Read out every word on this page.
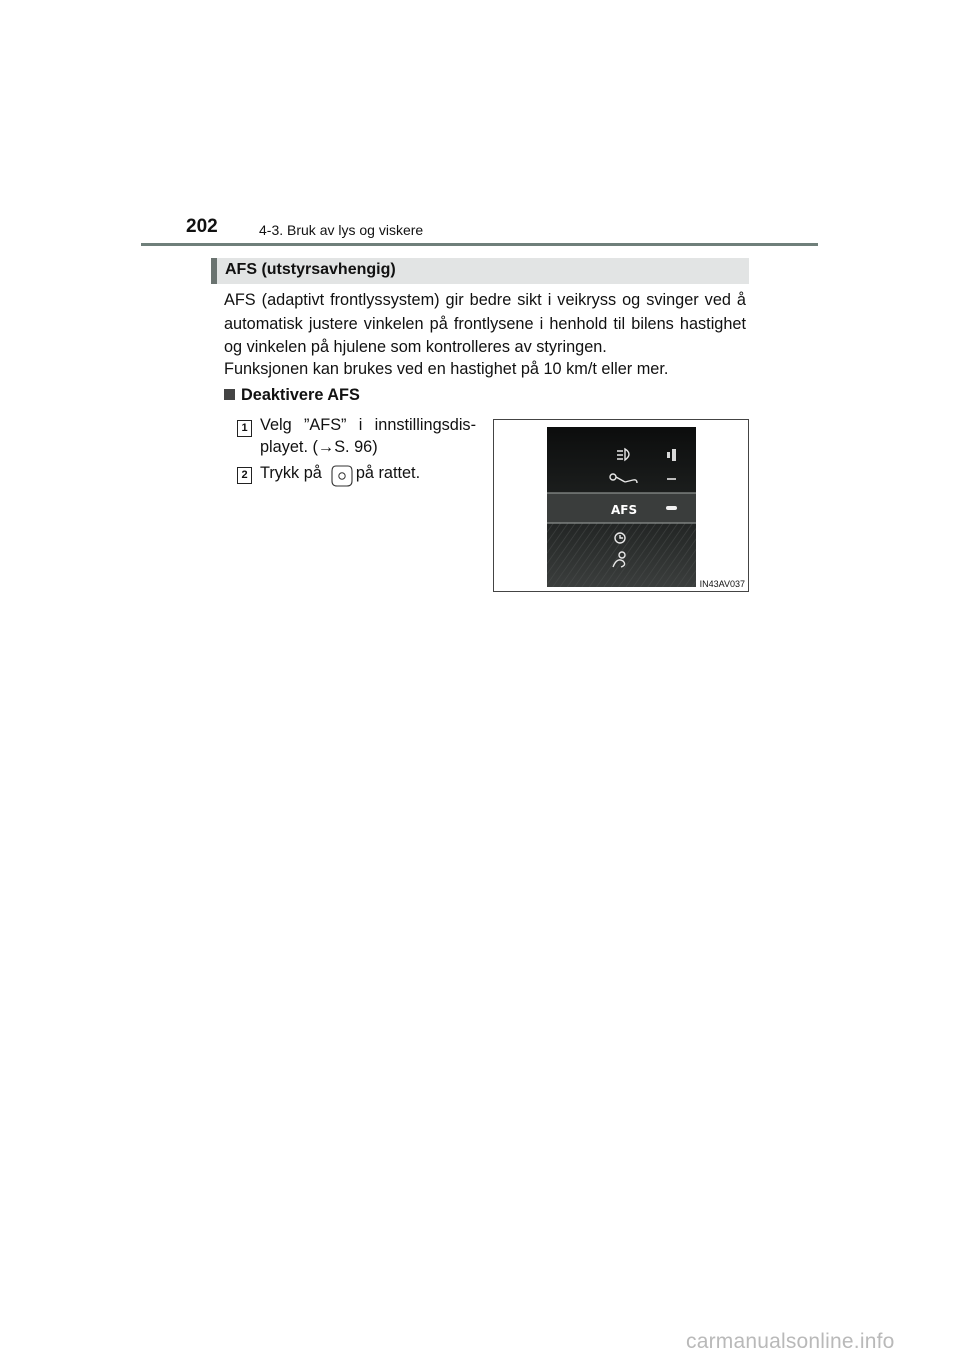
202	4-3. Bruk av lys og viskere
AFS (utstyrsavhengig)
AFS (adaptivt frontlyssystem) gir bedre sikt i veikryss og svinger ved å automatisk justere vinkelen på frontlysene i henhold til bilens hastighet og vinkelen på hjulene som kontrolleres av styringen.
Funksjonen kan brukes ved en hastighet på 10 km/t eller mer.
Deaktivere AFS
1 Velg ”AFS” i innstillingsdis-
playet. (→S. 96)
2 Trykk på på rattet.
AFS
IN43AV037
carmanualsonline.info
